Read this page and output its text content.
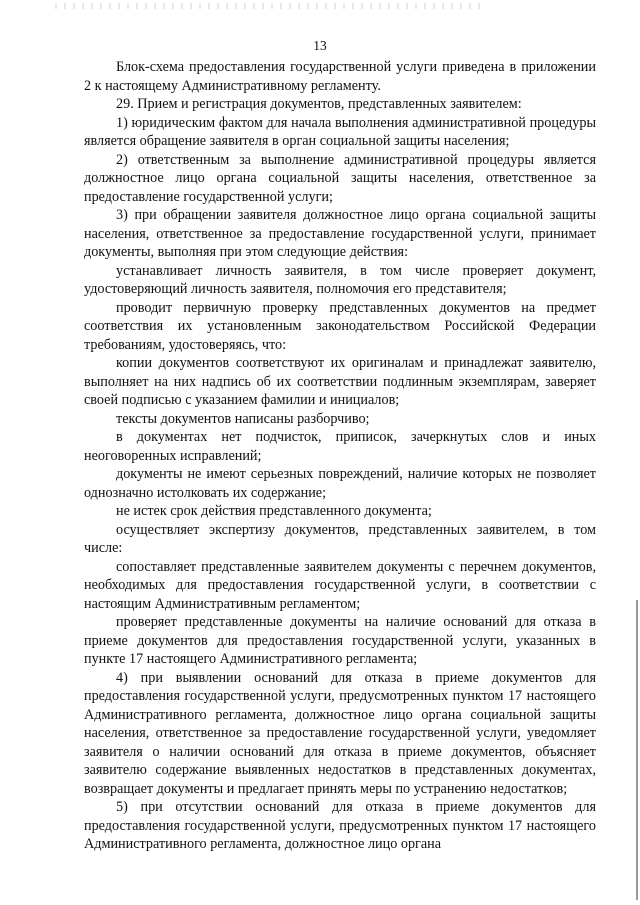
13

Блок-схема предоставления государственной услуги приведена в приложении 2 к настоящему Административному регламенту.

29. Прием и регистрация документов, представленных заявителем:

1) юридическим фактом для начала выполнения административной процедуры является обращение заявителя в орган социальной защиты населения;

2) ответственным за выполнение административной процедуры является должностное лицо органа социальной защиты населения, ответственное за предоставление государственной услуги;

3) при обращении заявителя должностное лицо органа социальной защиты населения, ответственное за предоставление государственной услуги, принимает документы, выполняя при этом следующие действия:

устанавливает личность заявителя, в том числе проверяет документ, удостоверяющий личность заявителя, полномочия его представителя;

проводит первичную проверку представленных документов на предмет соответствия их установленным законодательством Российской Федерации требованиям, удостоверяясь, что:

копии документов соответствуют их оригиналам и принадлежат заявителю, выполняет на них надпись об их соответствии подлинным экземплярам, заверяет своей подписью с указанием фамилии и инициалов;

тексты документов написаны разборчиво;

в документах нет подчисток, приписок, зачеркнутых слов и иных неоговоренных исправлений;

документы не имеют серьезных повреждений, наличие которых не позволяет однозначно истолковать их содержание;

не истек срок действия представленного документа;

осуществляет экспертизу документов, представленных заявителем, в том числе:

сопоставляет представленные заявителем документы с перечнем документов, необходимых для предоставления государственной услуги, в соответствии с настоящим Административным регламентом;

проверяет представленные документы на наличие оснований для отказа в приеме документов для предоставления государственной услуги, указанных в пункте 17 настоящего Административного регламента;

4) при выявлении оснований для отказа в приеме документов для предоставления государственной услуги, предусмотренных пунктом 17 настоящего Административного регламента, должностное лицо органа социальной защиты населения, ответственное за предоставление государственной услуги, уведомляет заявителя о наличии оснований для отказа в приеме документов, объясняет заявителю содержание выявленных недостатков в представленных документах, возвращает документы и предлагает принять меры по устранению недостатков;

5) при отсутствии оснований для отказа в приеме документов для предоставления государственной услуги, предусмотренных пунктом 17 настоящего Административного регламента, должностное лицо органа
